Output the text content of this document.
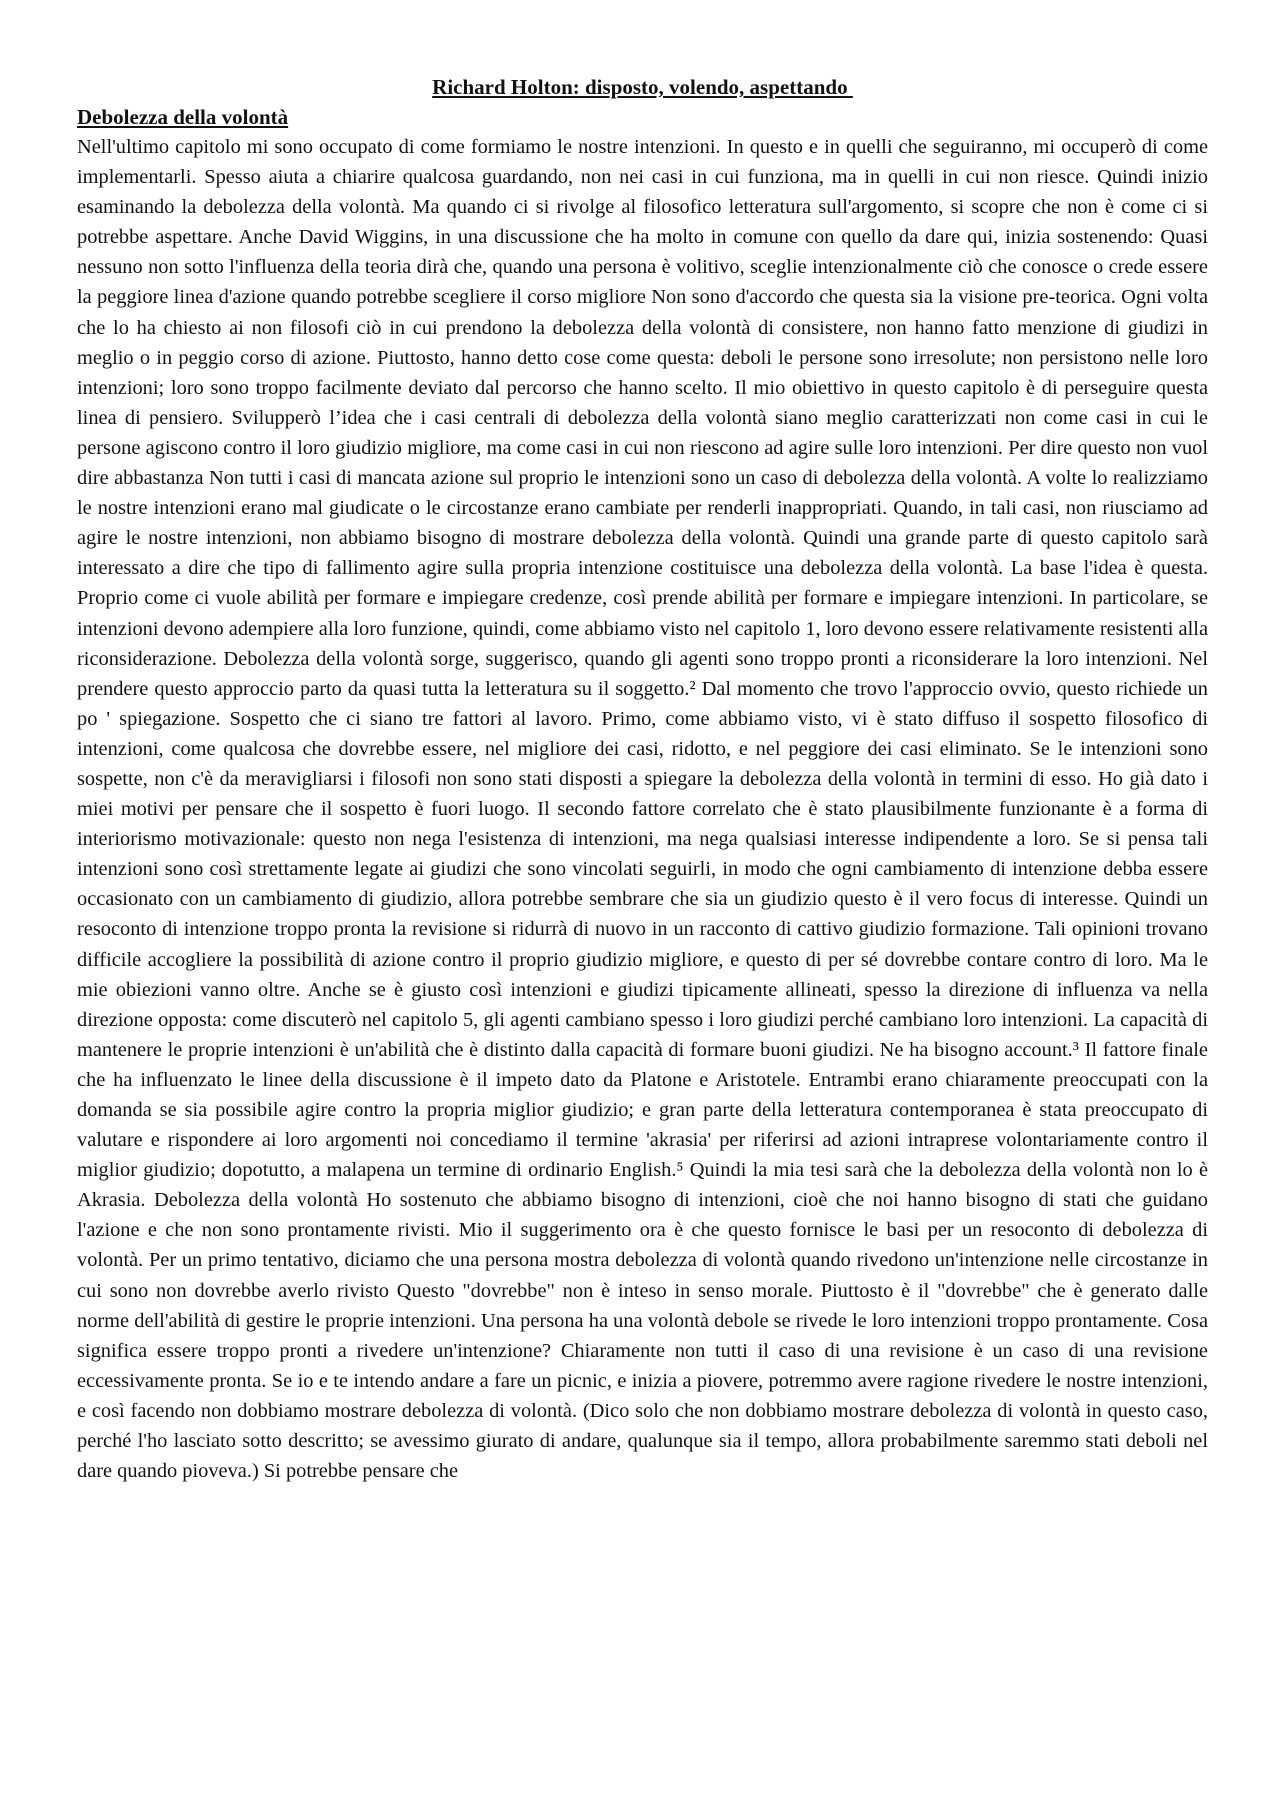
Richard Holton: disposto, volendo, aspettando
Debolezza della volontà

Nell'ultimo capitolo mi sono occupato di come formiamo le nostre intenzioni. In questo e in quelli che seguiranno, mi occuperò di come implementarli. Spesso aiuta a chiarire qualcosa guardando, non nei casi in cui funziona, ma in quelli in cui non riesce. Quindi inizio esaminando la debolezza della volontà. Ma quando ci si rivolge al filosofico letteratura sull'argomento, si scopre che non è come ci si potrebbe aspettare. Anche David Wiggins, in una discussione che ha molto in comune con quello da dare qui, inizia sostenendo: Quasi nessuno non sotto l'influenza della teoria dirà che, quando una persona è volitivo, sceglie intenzionalmente ciò che conosce o crede essere la peggiore linea d'azione quando potrebbe scegliere il corso migliore Non sono d'accordo che questa sia la visione pre-teorica. Ogni volta che lo ha chiesto ai non filosofi ciò in cui prendono la debolezza della volontà di consistere, non hanno fatto menzione di giudizi in meglio o in peggio corso di azione. Piuttosto, hanno detto cose come questa: deboli le persone sono irresolute; non persistono nelle loro intenzioni; loro sono troppo facilmente deviato dal percorso che hanno scelto. Il mio obiettivo in questo capitolo è di perseguire questa linea di pensiero. Svilupperò l’idea che i casi centrali di debolezza della volontà siano meglio caratterizzati non come casi in cui le persone agiscono contro il loro giudizio migliore, ma come casi in cui non riescono ad agire sulle loro intenzioni. Per dire questo non vuol dire abbastanza Non tutti i casi di mancata azione sul proprio le intenzioni sono un caso di debolezza della volontà. A volte lo realizziamo le nostre intenzioni erano mal giudicate o le circostanze erano cambiate per renderli inappropriati. Quando, in tali casi, non riusciamo ad agire le nostre intenzioni, non abbiamo bisogno di mostrare debolezza della volontà. Quindi una grande parte di questo capitolo sarà interessato a dire che tipo di fallimento agire sulla propria intenzione costituisce una debolezza della volontà. La base l'idea è questa. Proprio come ci vuole abilità per formare e impiegare credenze, così prende abilità per formare e impiegare intenzioni. In particolare, se intenzioni devono adempiere alla loro funzione, quindi, come abbiamo visto nel capitolo 1, loro devono essere relativamente resistenti alla riconsiderazione. Debolezza della volontà sorge, suggerisco, quando gli agenti sono troppo pronti a riconsiderare la loro intenzioni. Nel prendere questo approccio parto da quasi tutta la letteratura su il soggetto.² Dal momento che trovo l'approccio ovvio, questo richiede un po ' spiegazione. Sospetto che ci siano tre fattori al lavoro. Primo, come abbiamo visto, vi è stato diffuso il sospetto filosofico di intenzioni, come qualcosa che dovrebbe essere, nel migliore dei casi, ridotto, e nel peggiore dei casi eliminato. Se le intenzioni sono sospette, non c'è da meravigliarsi i filosofi non sono stati disposti a spiegare la debolezza della volontà in termini di esso. Ho già dato i miei motivi per pensare che il sospetto è fuori luogo. Il secondo fattore correlato che è stato plausibilmente funzionante è a forma di interiorismo motivazionale: questo non nega l'esistenza di intenzioni, ma nega qualsiasi interesse indipendente a loro. Se si pensa tali intenzioni sono così strettamente legate ai giudizi che sono vincolati seguirli, in modo che ogni cambiamento di intenzione debba essere occasionato con un cambiamento di giudizio, allora potrebbe sembrare che sia un giudizio questo è il vero focus di interesse. Quindi un resoconto di intenzione troppo pronta la revisione si ridurrà di nuovo in un racconto di cattivo giudizio formazione. Tali opinioni trovano difficile accogliere la possibilità di azione contro il proprio giudizio migliore, e questo di per sé dovrebbe contare contro di loro. Ma le mie obiezioni vanno oltre. Anche se è giusto così intenzioni e giudizi tipicamente allineati, spesso la direzione di influenza va nella direzione opposta: come discuterò nel capitolo 5, gli agenti cambiano spesso i loro giudizi perché cambiano loro intenzioni. La capacità di mantenere le proprie intenzioni è un'abilità che è distinto dalla capacità di formare buoni giudizi. Ne ha bisogno account.³ Il fattore finale che ha influenzato le linee della discussione è il impeto dato da Platone e Aristotele. Entrambi erano chiaramente preoccupati con la domanda se sia possibile agire contro la propria miglior giudizio; e gran parte della letteratura contemporanea è stata preoccupato di valutare e rispondere ai loro argomenti noi concediamo il termine 'akrasia' per riferirsi ad azioni intraprese volontariamente contro il miglior giudizio; dopotutto, a malapena un termine di ordinario English.⁵ Quindi la mia tesi sarà che la debolezza della volontà non lo è Akrasia. Debolezza della volontà Ho sostenuto che abbiamo bisogno di intenzioni, cioè che noi hanno bisogno di stati che guidano l'azione e che non sono prontamente rivisti. Mio il suggerimento ora è che questo fornisce le basi per un resoconto di debolezza di volontà. Per un primo tentativo, diciamo che una persona mostra debolezza di volontà quando rivedono un'intenzione nelle circostanze in cui sono non dovrebbe averlo rivisto Questo "dovrebbe" non è inteso in senso morale. Piuttosto è il "dovrebbe" che è generato dalle norme dell'abilità di gestire le proprie intenzioni. Una persona ha una volontà debole se rivede le loro intenzioni troppo prontamente. Cosa significa essere troppo pronti a rivedere un'intenzione? Chiaramente non tutti il caso di una revisione è un caso di una revisione eccessivamente pronta. Se io e te intendo andare a fare un picnic, e inizia a piovere, potremmo avere ragione rivedere le nostre intenzioni, e così facendo non dobbiamo mostrare debolezza di volontà. (Dico solo che non dobbiamo mostrare debolezza di volontà in questo caso, perché l'ho lasciato sotto descritto; se avessimo giurato di andare, qualunque sia il tempo, allora probabilmente saremmo stati deboli nel dare quando pioveva.) Si potrebbe pensare che
